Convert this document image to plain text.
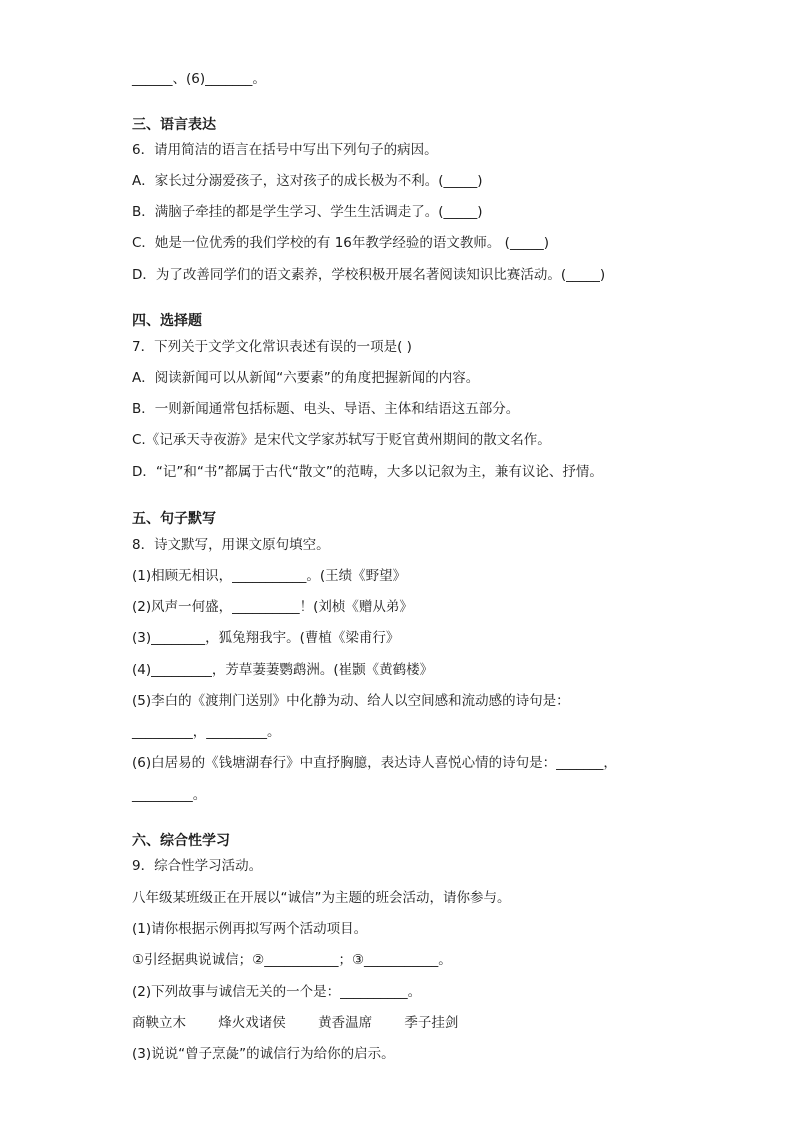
______、(6)_______。
三、语言表达
6．请用简洁的语言在括号中写出下列句子的病因。
A．家长过分溺爱孩子，这对孩子的成长极为不利。(_____)
B．满脑子牵挂的都是学生学习、学生生活调走了。(_____)
C．她是一位优秀的我们学校的有 16年教学经验的语文教师。 (_____)
D．为了改善同学们的语文素养，学校积极开展名著阅读知识比赛活动。(_____)
四、选择题
7．下列关于文学文化常识表述有误的一项是( )
A．阅读新闻可以从新闻“六要素”的角度把握新闻的内容。
B．一则新闻通常包括标题、电头、导语、主体和结语这五部分。
C.《记承天寺夜游》是宋代文学家苏轼写于贬官黄州期间的散文名作。
D．“记”和“书”都属于古代“散文”的范畴，大多以记叙为主，兼有议论、抒情。
五、句子默写
8．诗文默写，用课文原句填空。
(1)相顾无相识，___________。(王绩《野望》
(2)风声一何盛，__________！(刘桢《赠从弟》
(3)________，狐兔翔我宇。(曹植《梁甫行》
(4)_________，芳草萋萋鹦鹉洲。(崔颢《黄鹤楼》
(5)李白的《渡荆门送别》中化静为动、给人以空间感和流动感的诗句是：
_________，_________。
(6)白居易的《钱塘湖春行》中直抒胸臆，表达诗人喜悦心情的诗句是：_______，
_________。
六、综合性学习
9．综合性学习活动。
八年级某班级正在开展以“诚信”为主题的班会活动，请你参与。
(1)请你根据示例再拟写两个活动项目。
①引经据典说诚信；②___________；③___________。
(2)下列故事与诚信无关的一个是：__________。
商鞅立木 烽火戏诸侯 黄香温席 季子挂剑
(3)说说“曾子烹彘”的诚信行为给你的启示。
